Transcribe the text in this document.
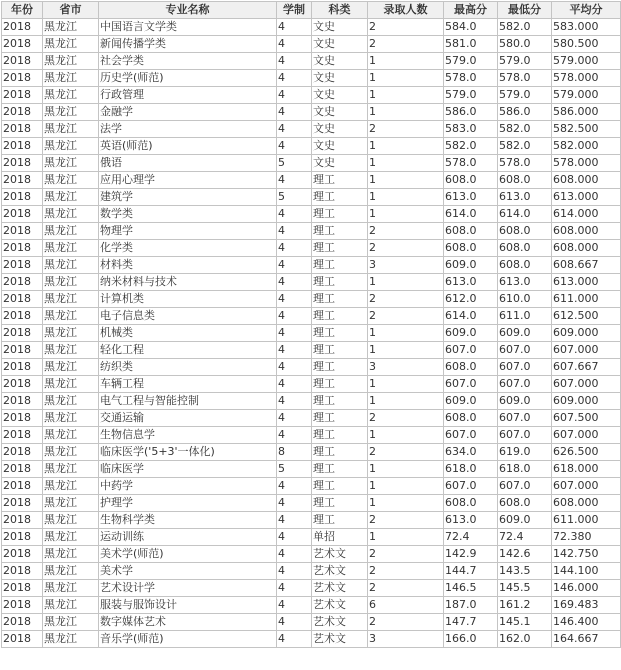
年份	省市	专业名称	学制	科类	录取人数	最高分	最低分	平均分
2018	黑龙江	中国语言文学类	4	文史	2	584.0	582.0	583.000
2018	黑龙江	新闻传播学类	4	文史	2	581.0	580.0	580.500
2018	黑龙江	社会学类	4	文史	1	579.0	579.0	579.000
2018	黑龙江	历史学(师范)	4	文史	1	578.0	578.0	578.000
2018	黑龙江	行政管理	4	文史	1	579.0	579.0	579.000
2018	黑龙江	金融学	4	文史	1	586.0	586.0	586.000
2018	黑龙江	法学	4	文史	2	583.0	582.0	582.500
2018	黑龙江	英语(师范)	4	文史	1	582.0	582.0	582.000
2018	黑龙江	俄语	5	文史	1	578.0	578.0	578.000
2018	黑龙江	应用心理学	4	理工	1	608.0	608.0	608.000
2018	黑龙江	建筑学	5	理工	1	613.0	613.0	613.000
2018	黑龙江	数学类	4	理工	1	614.0	614.0	614.000
2018	黑龙江	物理学	4	理工	2	608.0	608.0	608.000
2018	黑龙江	化学类	4	理工	2	608.0	608.0	608.000
2018	黑龙江	材料类	4	理工	3	609.0	608.0	608.667
2018	黑龙江	纳米材料与技术	4	理工	1	613.0	613.0	613.000
2018	黑龙江	计算机类	4	理工	2	612.0	610.0	611.000
2018	黑龙江	电子信息类	4	理工	2	614.0	611.0	612.500
2018	黑龙江	机械类	4	理工	1	609.0	609.0	609.000
2018	黑龙江	轻化工程	4	理工	1	607.0	607.0	607.000
2018	黑龙江	纺织类	4	理工	3	608.0	607.0	607.667
2018	黑龙江	车辆工程	4	理工	1	607.0	607.0	607.000
2018	黑龙江	电气工程与智能控制	4	理工	1	609.0	609.0	609.000
2018	黑龙江	交通运输	4	理工	2	608.0	607.0	607.500
2018	黑龙江	生物信息学	4	理工	1	607.0	607.0	607.000
2018	黑龙江	临床医学('5+3'一体化)	8	理工	2	634.0	619.0	626.500
2018	黑龙江	临床医学	5	理工	1	618.0	618.0	618.000
2018	黑龙江	中药学	4	理工	1	607.0	607.0	607.000
2018	黑龙江	护理学	4	理工	1	608.0	608.0	608.000
2018	黑龙江	生物科学类	4	理工	2	613.0	609.0	611.000
2018	黑龙江	运动训练	4	单招	1	72.4	72.4	72.380
2018	黑龙江	美术学(师范)	4	艺术文	2	142.9	142.6	142.750
2018	黑龙江	美术学	4	艺术文	2	144.7	143.5	144.100
2018	黑龙江	艺术设计学	4	艺术文	2	146.5	145.5	146.000
2018	黑龙江	服装与服饰设计	4	艺术文	6	187.0	161.2	169.483
2018	黑龙江	数字媒体艺术	4	艺术文	2	147.7	145.1	146.400
2018	黑龙江	音乐学(师范)	4	艺术文	3	166.0	162.0	164.667
